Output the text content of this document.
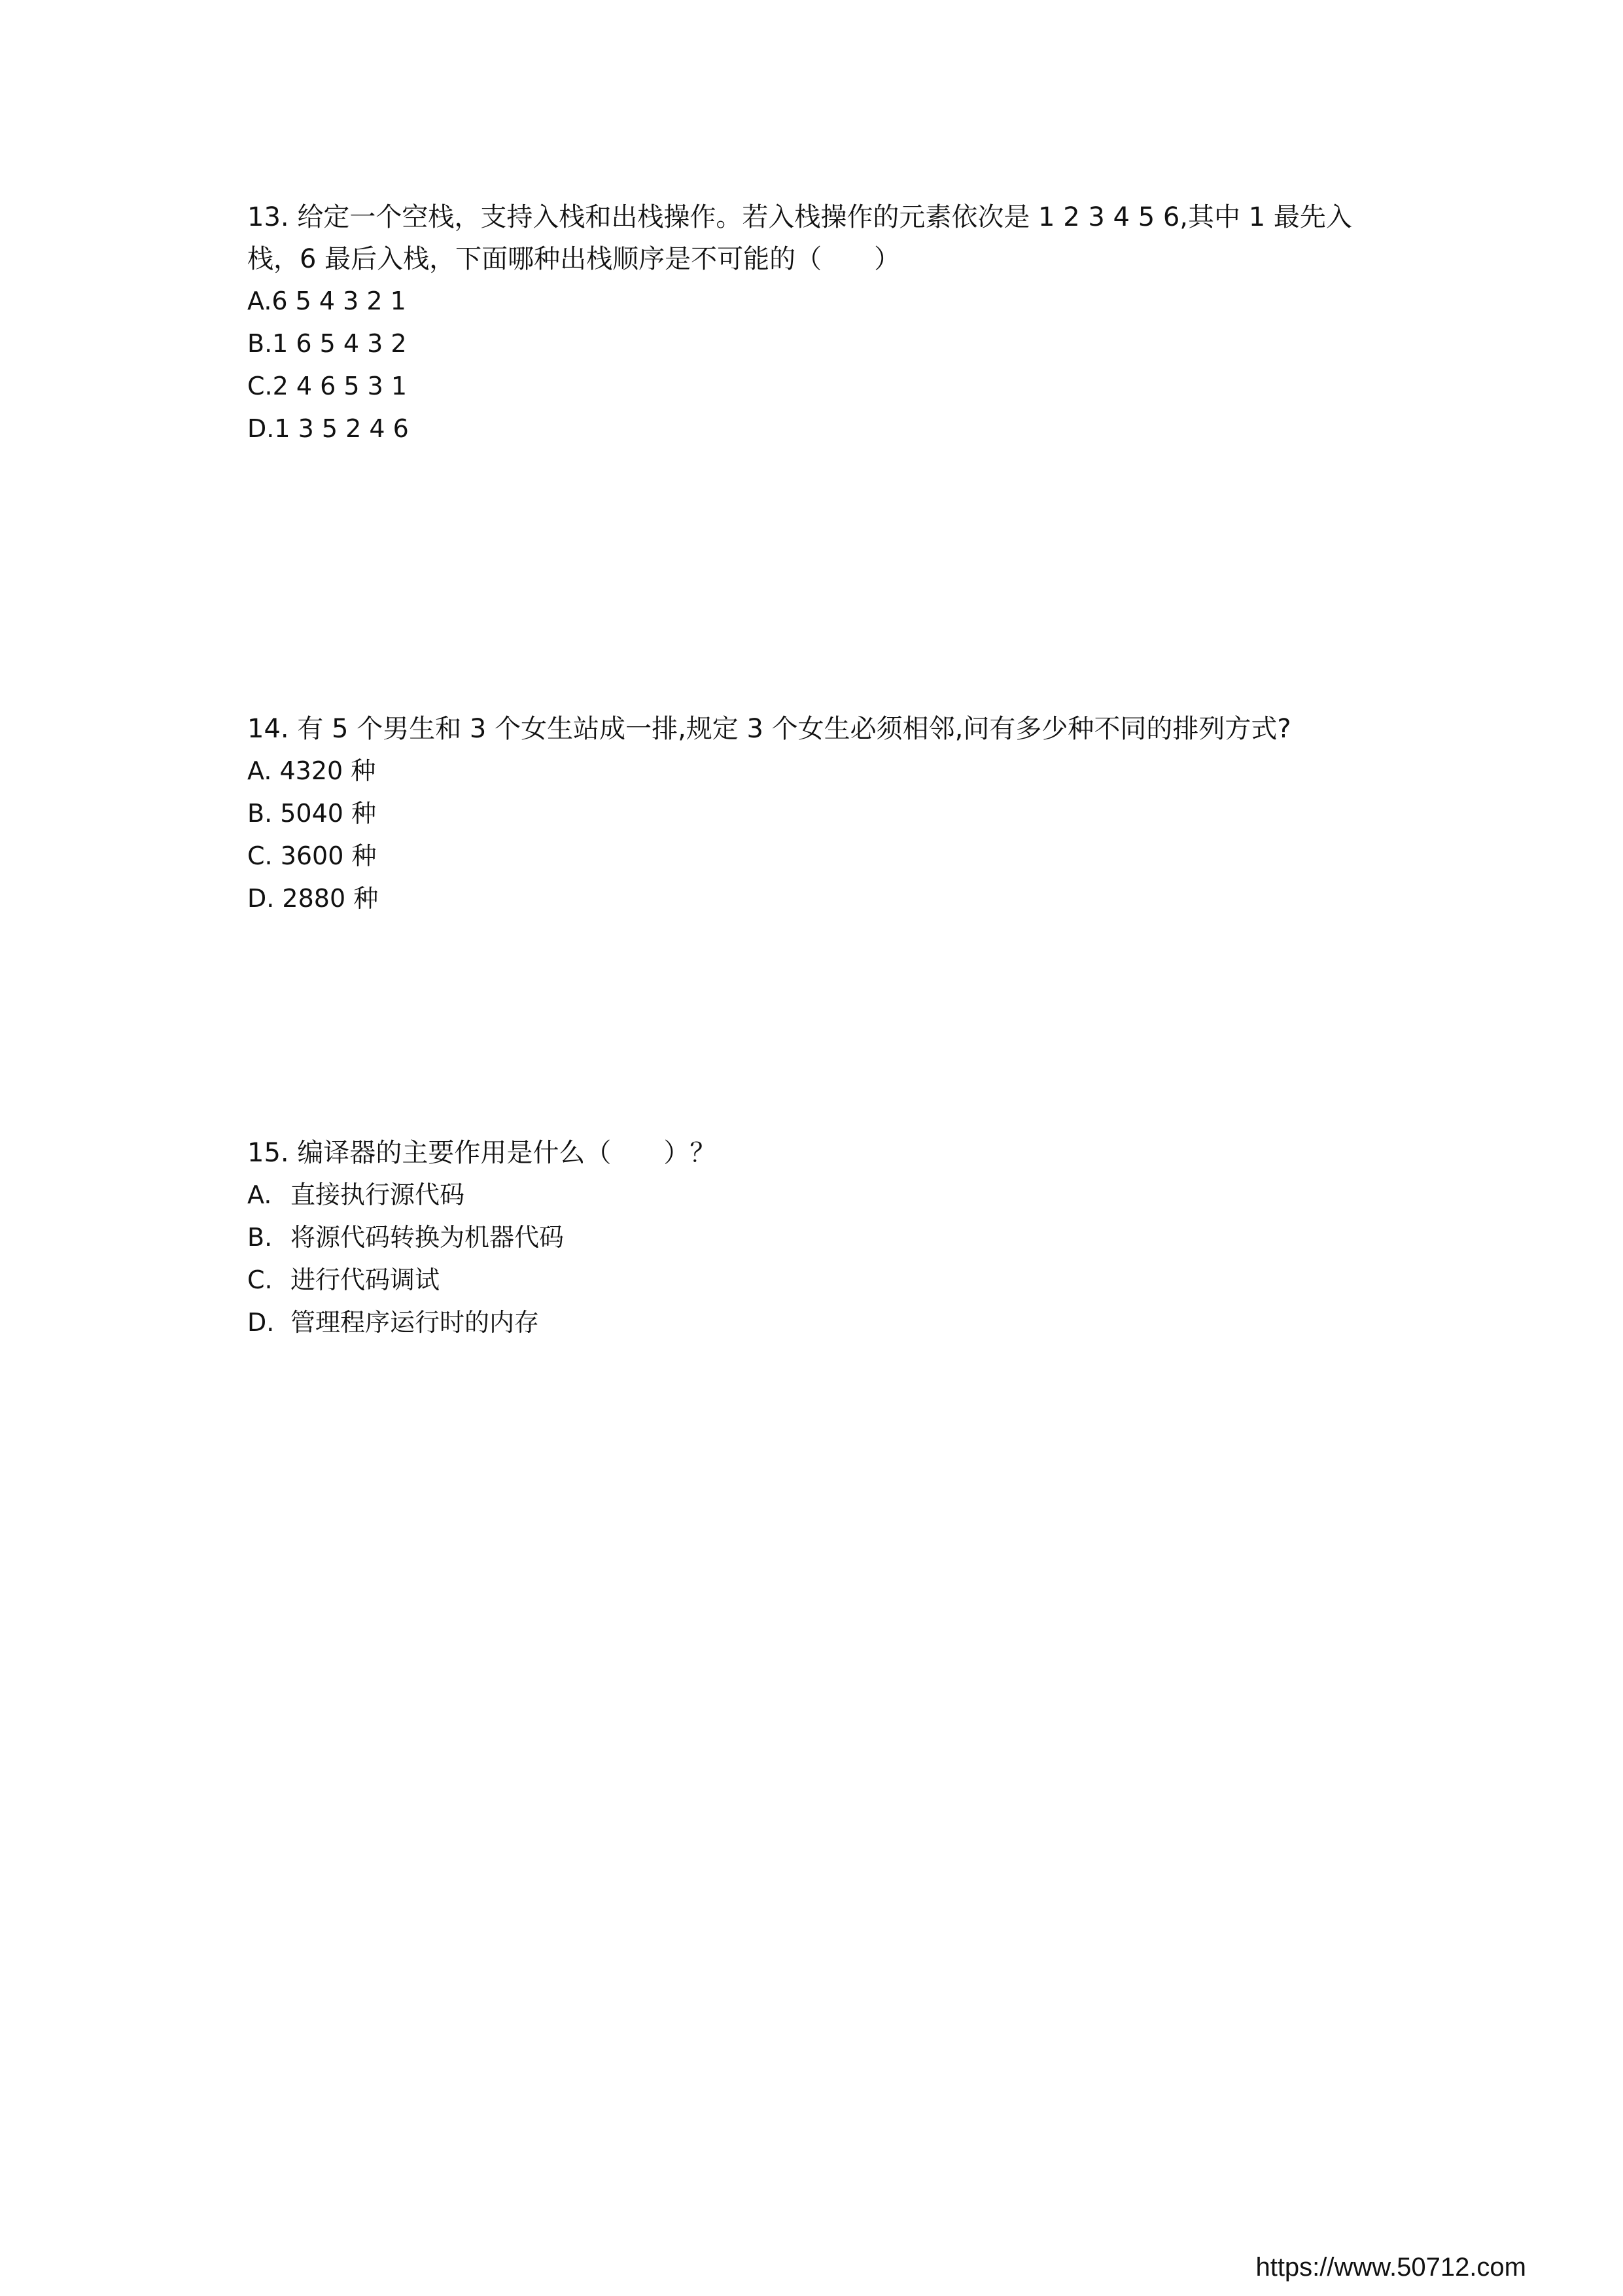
13. 给定一个空栈，支持入栈和出栈操作。若入栈操作的元素依次是 1 2 3 4 5 6,其中 1 最先入栈，6 最后入栈，下面哪种出栈顺序是不可能的（　　）

A. 6 5 4 3 2 1
B. 1 6 5 4 3 2
C. 2 4 6 5 3 1
D. 1 3 5 2 4 6

14. 有 5 个男生和 3 个女生站成一排,规定 3 个女生必须相邻,问有多少种不同的排列方式?

A. 4320 种
B. 5040 种
C. 3600 种
D. 2880 种

15. 编译器的主要作用是什么（　　）？

A. 直接执行源代码
B. 将源代码转换为机器代码
C. 进行代码调试
D. 管理程序运行时的内存
https://www.50712.com
